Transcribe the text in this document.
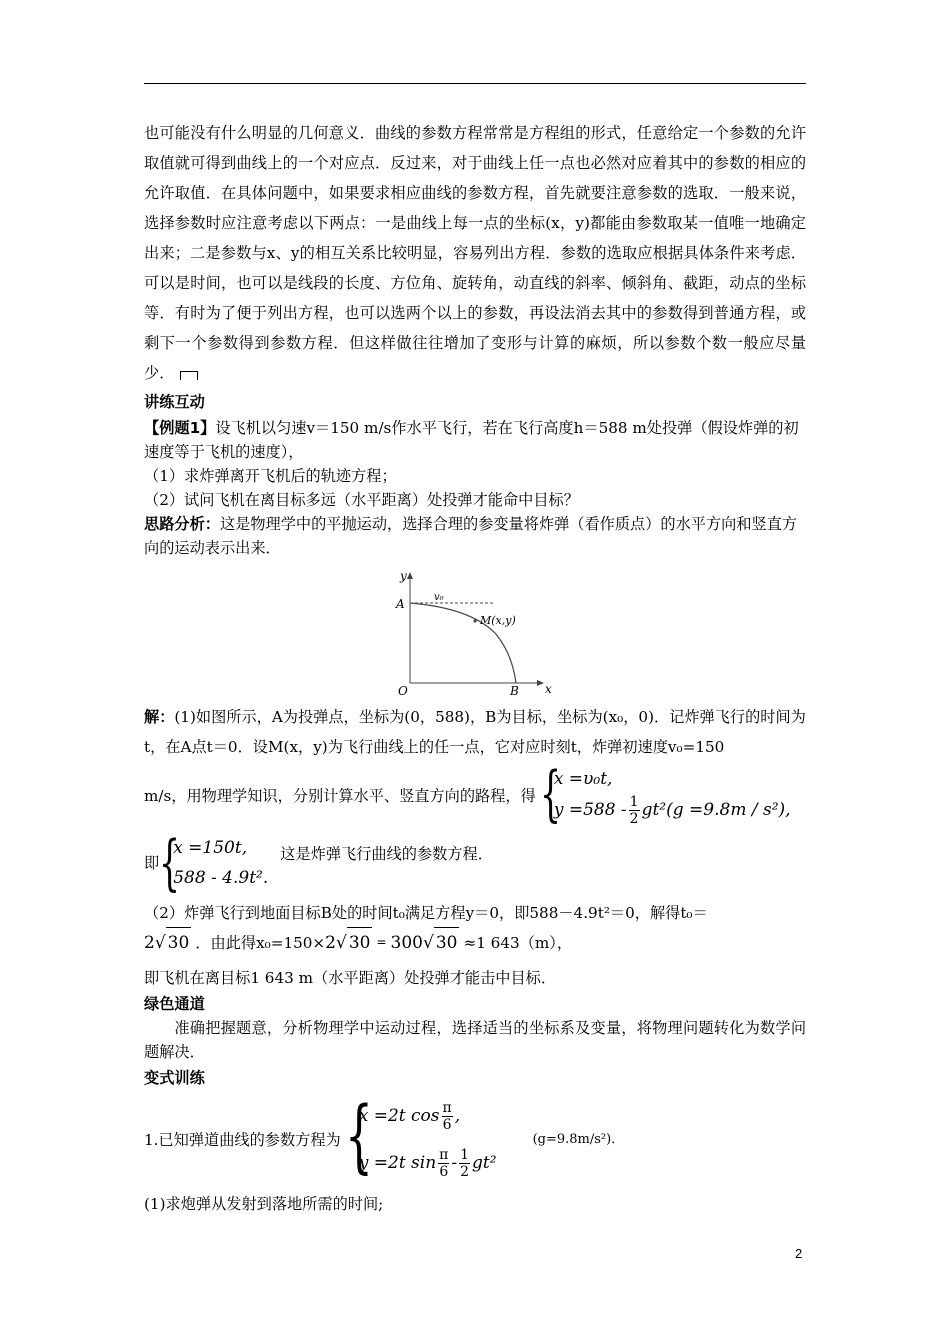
也可能没有什么明显的几何意义．曲线的参数方程常常是方程组的形式，任意给定一个参数的允许取值就可得到曲线上的一个对应点．反过来，对于曲线上任一点也必然对应着其中的参数的相应的允许取值．在具体问题中，如果要求相应曲线的参数方程，首先就要注意参数的选取．一般来说，选择参数时应注意考虑以下两点：一是曲线上每一点的坐标(x，y)都能由参数取某一值唯一地确定出来；二是参数与x、y的相互关系比较明显，容易列出方程．参数的选取应根据具体条件来考虑．可以是时间，也可以是线段的长度、方位角、旋转角，动直线的斜率、倾斜角、截距，动点的坐标等．有时为了便于列出方程，也可以选两个以上的参数，再设法消去其中的参数得到普通方程，或剩下一个参数得到参数方程．但这样做往往增加了变形与计算的麻烦，所以参数个数一般应尽量少．

讲练互动
【例题1】设飞机以匀速v＝150 m/s作水平飞行，若在飞行高度h＝588 m处投弹（假设炸弹的初速度等于飞机的速度），
（1）求炸弹离开飞机后的轨迹方程；
（2）试问飞机在离目标多远（水平距离）处投弹才能命中目标？
思路分析：这是物理学中的平抛运动，选择合理的参变量将炸弹（看作质点）的水平方向和竖直方向的运动表示出来．
y
x
O
A
B
v₀
M(x,y)
解：(1)如图所示，A为投弹点，坐标为(0，588)，B为目标，坐标为(x₀，0)．记炸弹飞行的时间为t，在A点t＝0．设M(x，y)为飞行曲线上的任一点，它对应时刻t，炸弹初速度v₀=150
m/s，用物理学知识，分别计算水平、竖直方向的路程，得 {
x =υ₀t,
$y =588 - \frac{1}{2} gt^2(g =9.8m / s^2)$,
即 {
x =150t,
588 - 4.9t².
这是炸弹飞行曲线的参数方程．
（2）炸弹飞行到地面目标B处的时间t₀满足方程y＝0，即588－4.9t²＝0，解得t₀＝
2 √ 30 ．由此得x₀=150× 2 √ 30 = 300 √ 30 ≈1 643（m），
即飞机在离目标1 643 m（水平距离）处投弹才能击中目标．
绿色通道

准确把握题意，分析物理学中运动过程，选择适当的坐标系及变量，将物理问题转化为数学问题解决．

变式训练
1.已知弹道曲线的参数方程为 {
x =2t $\cos \frac{\pi}{6}$ ,
y =2t $\sin \frac{\pi}{6} - \frac{1}{2} gt^2$
(g=9.8m/s²)．
(1)求炮弹从发射到落地所需的时间;
2
